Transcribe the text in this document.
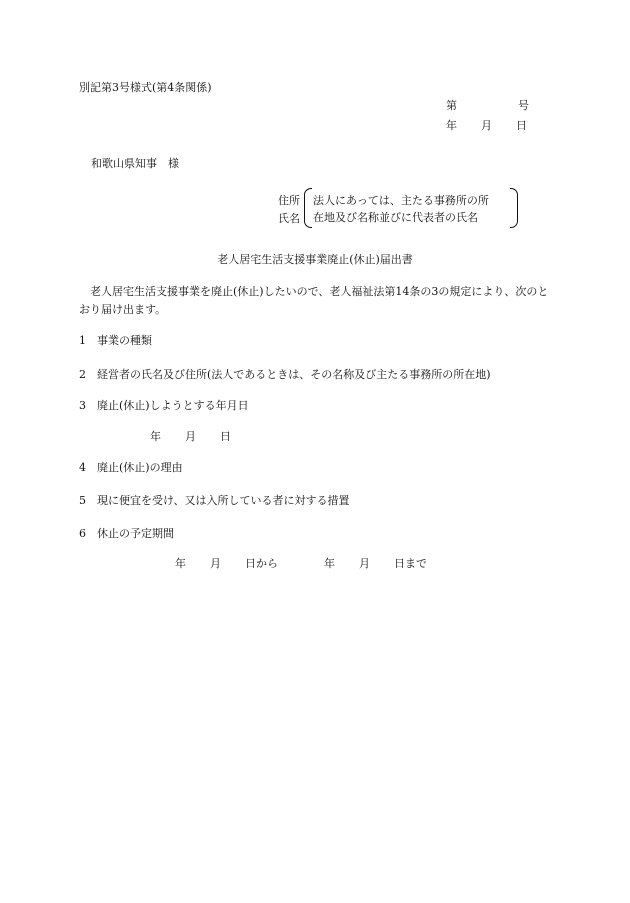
別記第3号様式(第4条関係)
第	号
年 月 日
和歌山県知事　様
住所
氏名
法人にあっては、主たる事務所の所
在地及び名称並びに代表者の氏名
老人居宅生活支援事業廃止(休止)届出書
老人居宅生活支援事業を廃止(休止)したいので、老人福祉法第14条の3の規定により、次のとおり届け出ます。
1 事業の種類
2 経営者の氏名及び住所(法人であるときは、その名称及び主たる事務所の所在地)
3 廃止(休止)しようとする年月日
年 月 日
4 廃止(休止)の理由
5 現に便宜を受け、又は入所している者に対する措置
6 休止の予定期間
年 月 日から	年 月 日まで
